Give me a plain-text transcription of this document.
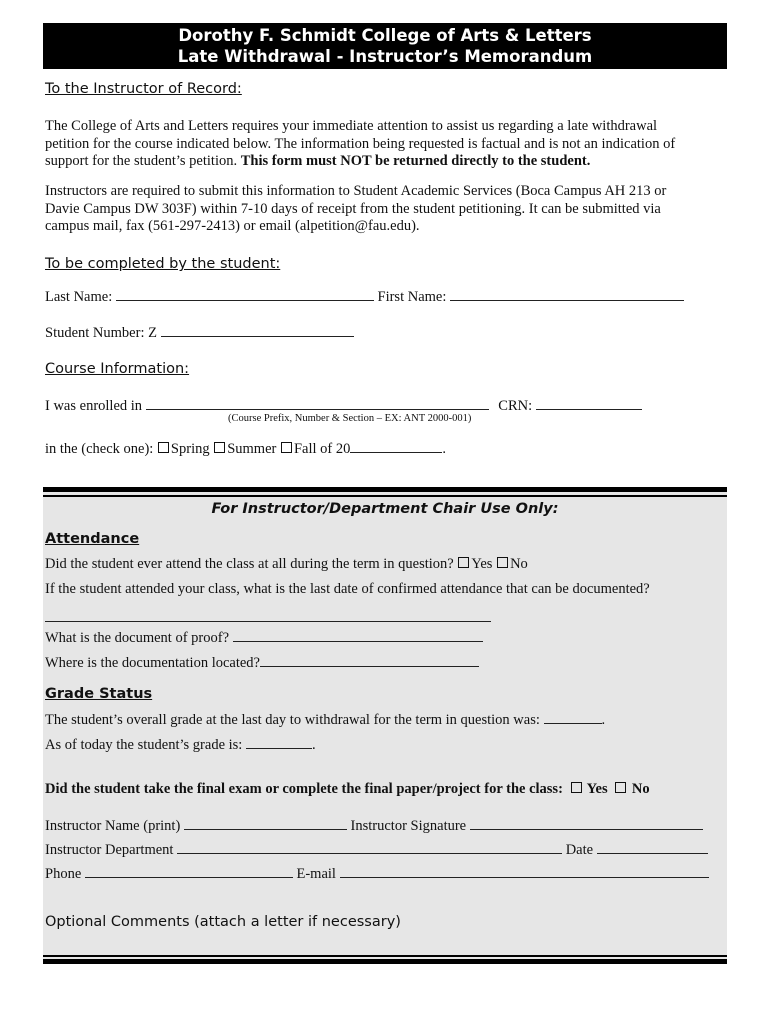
Dorothy F. Schmidt College of Arts & Letters
Late Withdrawal - Instructor’s Memorandum
To the Instructor of Record:
The College of Arts and Letters requires your immediate attention to assist us regarding a late withdrawal
petition for the course indicated below. The information being requested is factual and is not an indication of
support for the student’s petition. This form must NOT be returned directly to the student.
Instructors are required to submit this information to Student Academic Services (Boca Campus AH 213 or
Davie Campus DW 303F) within 7-10 days of receipt from the student petitioning. It can be submitted via
campus mail, fax (561-297-2413) or email (alpetition@fau.edu).
To be completed by the student:
Last Name:	First Name:
Student Number: Z
Course Information:
I was enrolled in	CRN:
(Course Prefix, Number & Section – EX: ANT 2000-001)
in the (check one): Spring Summer Fall of 20	.
For Instructor/Department Chair Use Only:
Attendance
Did the student ever attend the class at all during the term in question? Yes No
If the student attended your class, what is the last date of confirmed attendance that can be documented?
What is the document of proof?
Where is the documentation located?
Grade Status
The student’s overall grade at the last day to withdrawal for the term in question was:	.
As of today the student’s grade is:	.
Did the student take the final exam or complete the final paper/project for the class: Yes No
Instructor Name (print)	Instructor Signature
Instructor Department	Date
Phone	E-mail
Optional Comments (attach a letter if necessary)
